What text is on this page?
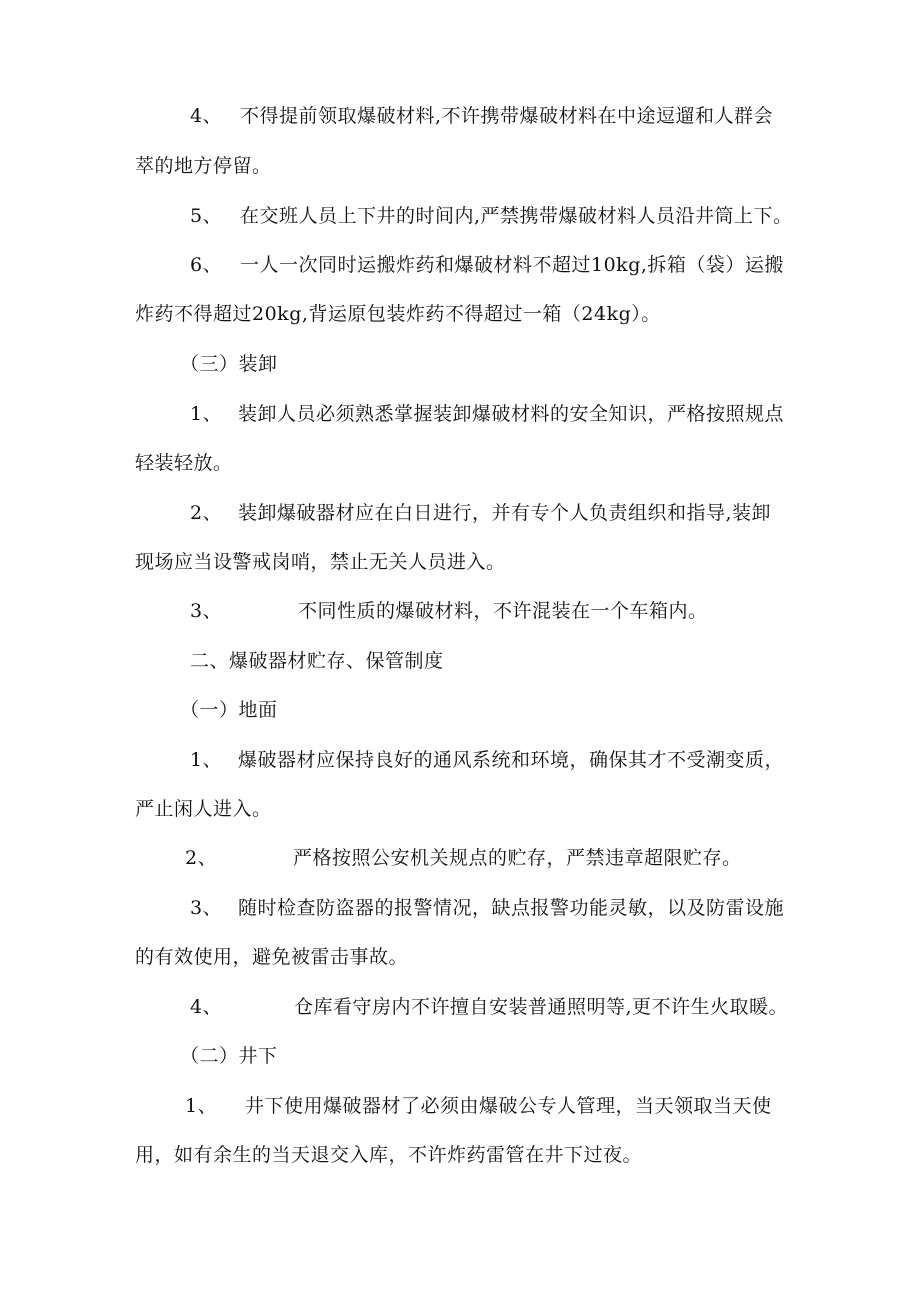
4、 不得提前领取爆破材料,不许携带爆破材料在中途逗遛和人群会
萃的地方停留。
5、 在交班人员上下井的时间内,严禁携带爆破材料人员沿井筒上下。
6、 一人一次同时运搬炸药和爆破材料不超过10kg,拆箱（袋）运搬
炸药不得超过20kg,背运原包装炸药不得超过一箱（24kg）。
（三）装卸
1、 装卸人员必须熟悉掌握装卸爆破材料的安全知识，严格按照规点
轻装轻放。
2、 装卸爆破器材应在白日进行，并有专个人负责组织和指导,装卸
现场应当设警戒岗哨，禁止无关人员进入。
3、	不同性质的爆破材料，不许混装在一个车箱内。
二、爆破器材贮存、保管制度
（一）地面
1、 爆破器材应保持良好的通风系统和环境，确保其才不受潮变质，
严止闲人进入。
2、	严格按照公安机关规点的贮存，严禁违章超限贮存。
3、 随时检查防盗器的报警情况，缺点报警功能灵敏，以及防雷设施
的有效使用，避免被雷击事故。
4、	仓库看守房内不许擅自安装普通照明等,更不许生火取暖。
（二）井下
1、 井下使用爆破器材了必须由爆破公专人管理，当天领取当天使
用，如有余生的当天退交入库，不许炸药雷管在井下过夜。
